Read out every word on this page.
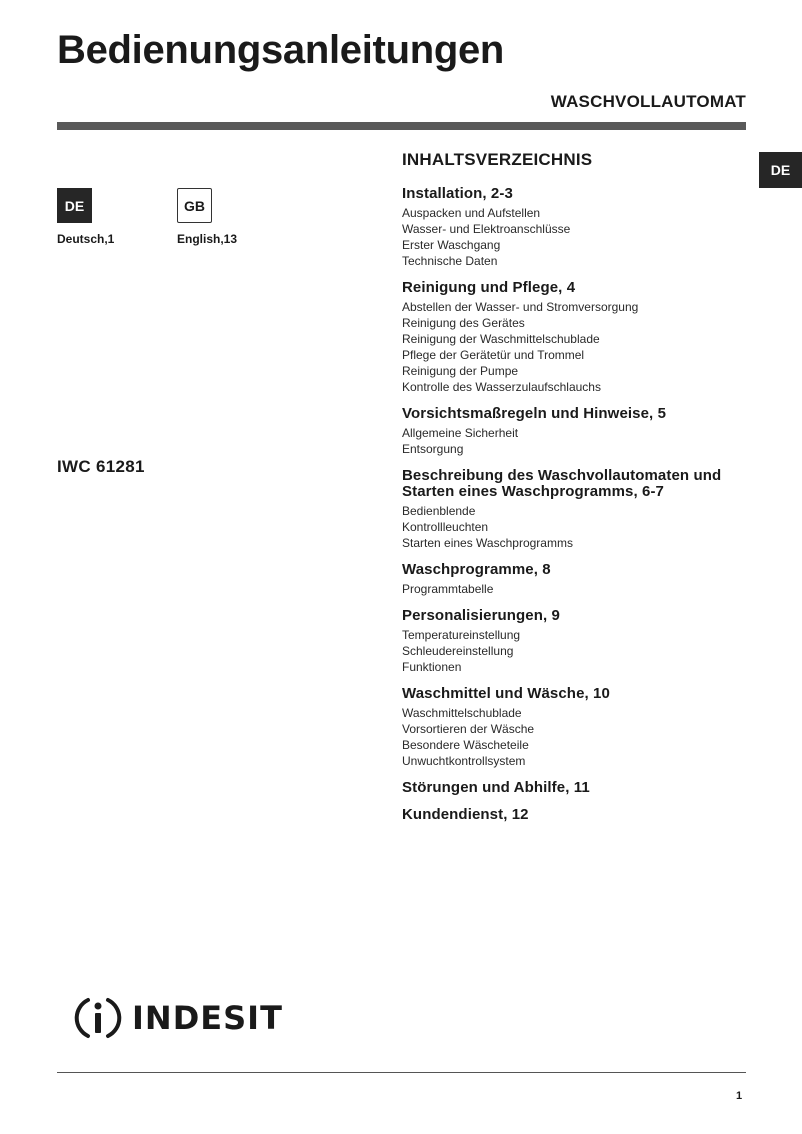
Bedienungsanleitungen
WASCHVOLLAUTOMAT
DE
DE
Deutsch,1
GB
English,13
IWC 61281
INHALTSVERZEICHNIS
Installation, 2-3
Auspacken und Aufstellen
Wasser- und Elektroanschlüsse
Erster Waschgang
Technische Daten
Reinigung und Pflege, 4
Abstellen der Wasser- und Stromversorgung
Reinigung des Gerätes
Reinigung der Waschmittelschublade
Pflege der Gerätetür und Trommel
Reinigung der Pumpe
Kontrolle des Wasserzulaufschlauchs
Vorsichtsmaßregeln und Hinweise, 5
Allgemeine Sicherheit
Entsorgung
Beschreibung des Waschvollautomaten und Starten eines Waschprogramms, 6-7
Bedienblende
Kontrollleuchten
Starten eines Waschprogramms
Waschprogramme, 8
Programmtabelle
Personalisierungen, 9
Temperatureinstellung
Schleudereinstellung
Funktionen
Waschmittel und Wäsche, 10
Waschmittelschublade
Vorsortieren der Wäsche
Besondere Wäscheteile
Unwuchtkontrollsystem
Störungen und Abhilfe, 11
Kundendienst, 12
INDESIT
1
